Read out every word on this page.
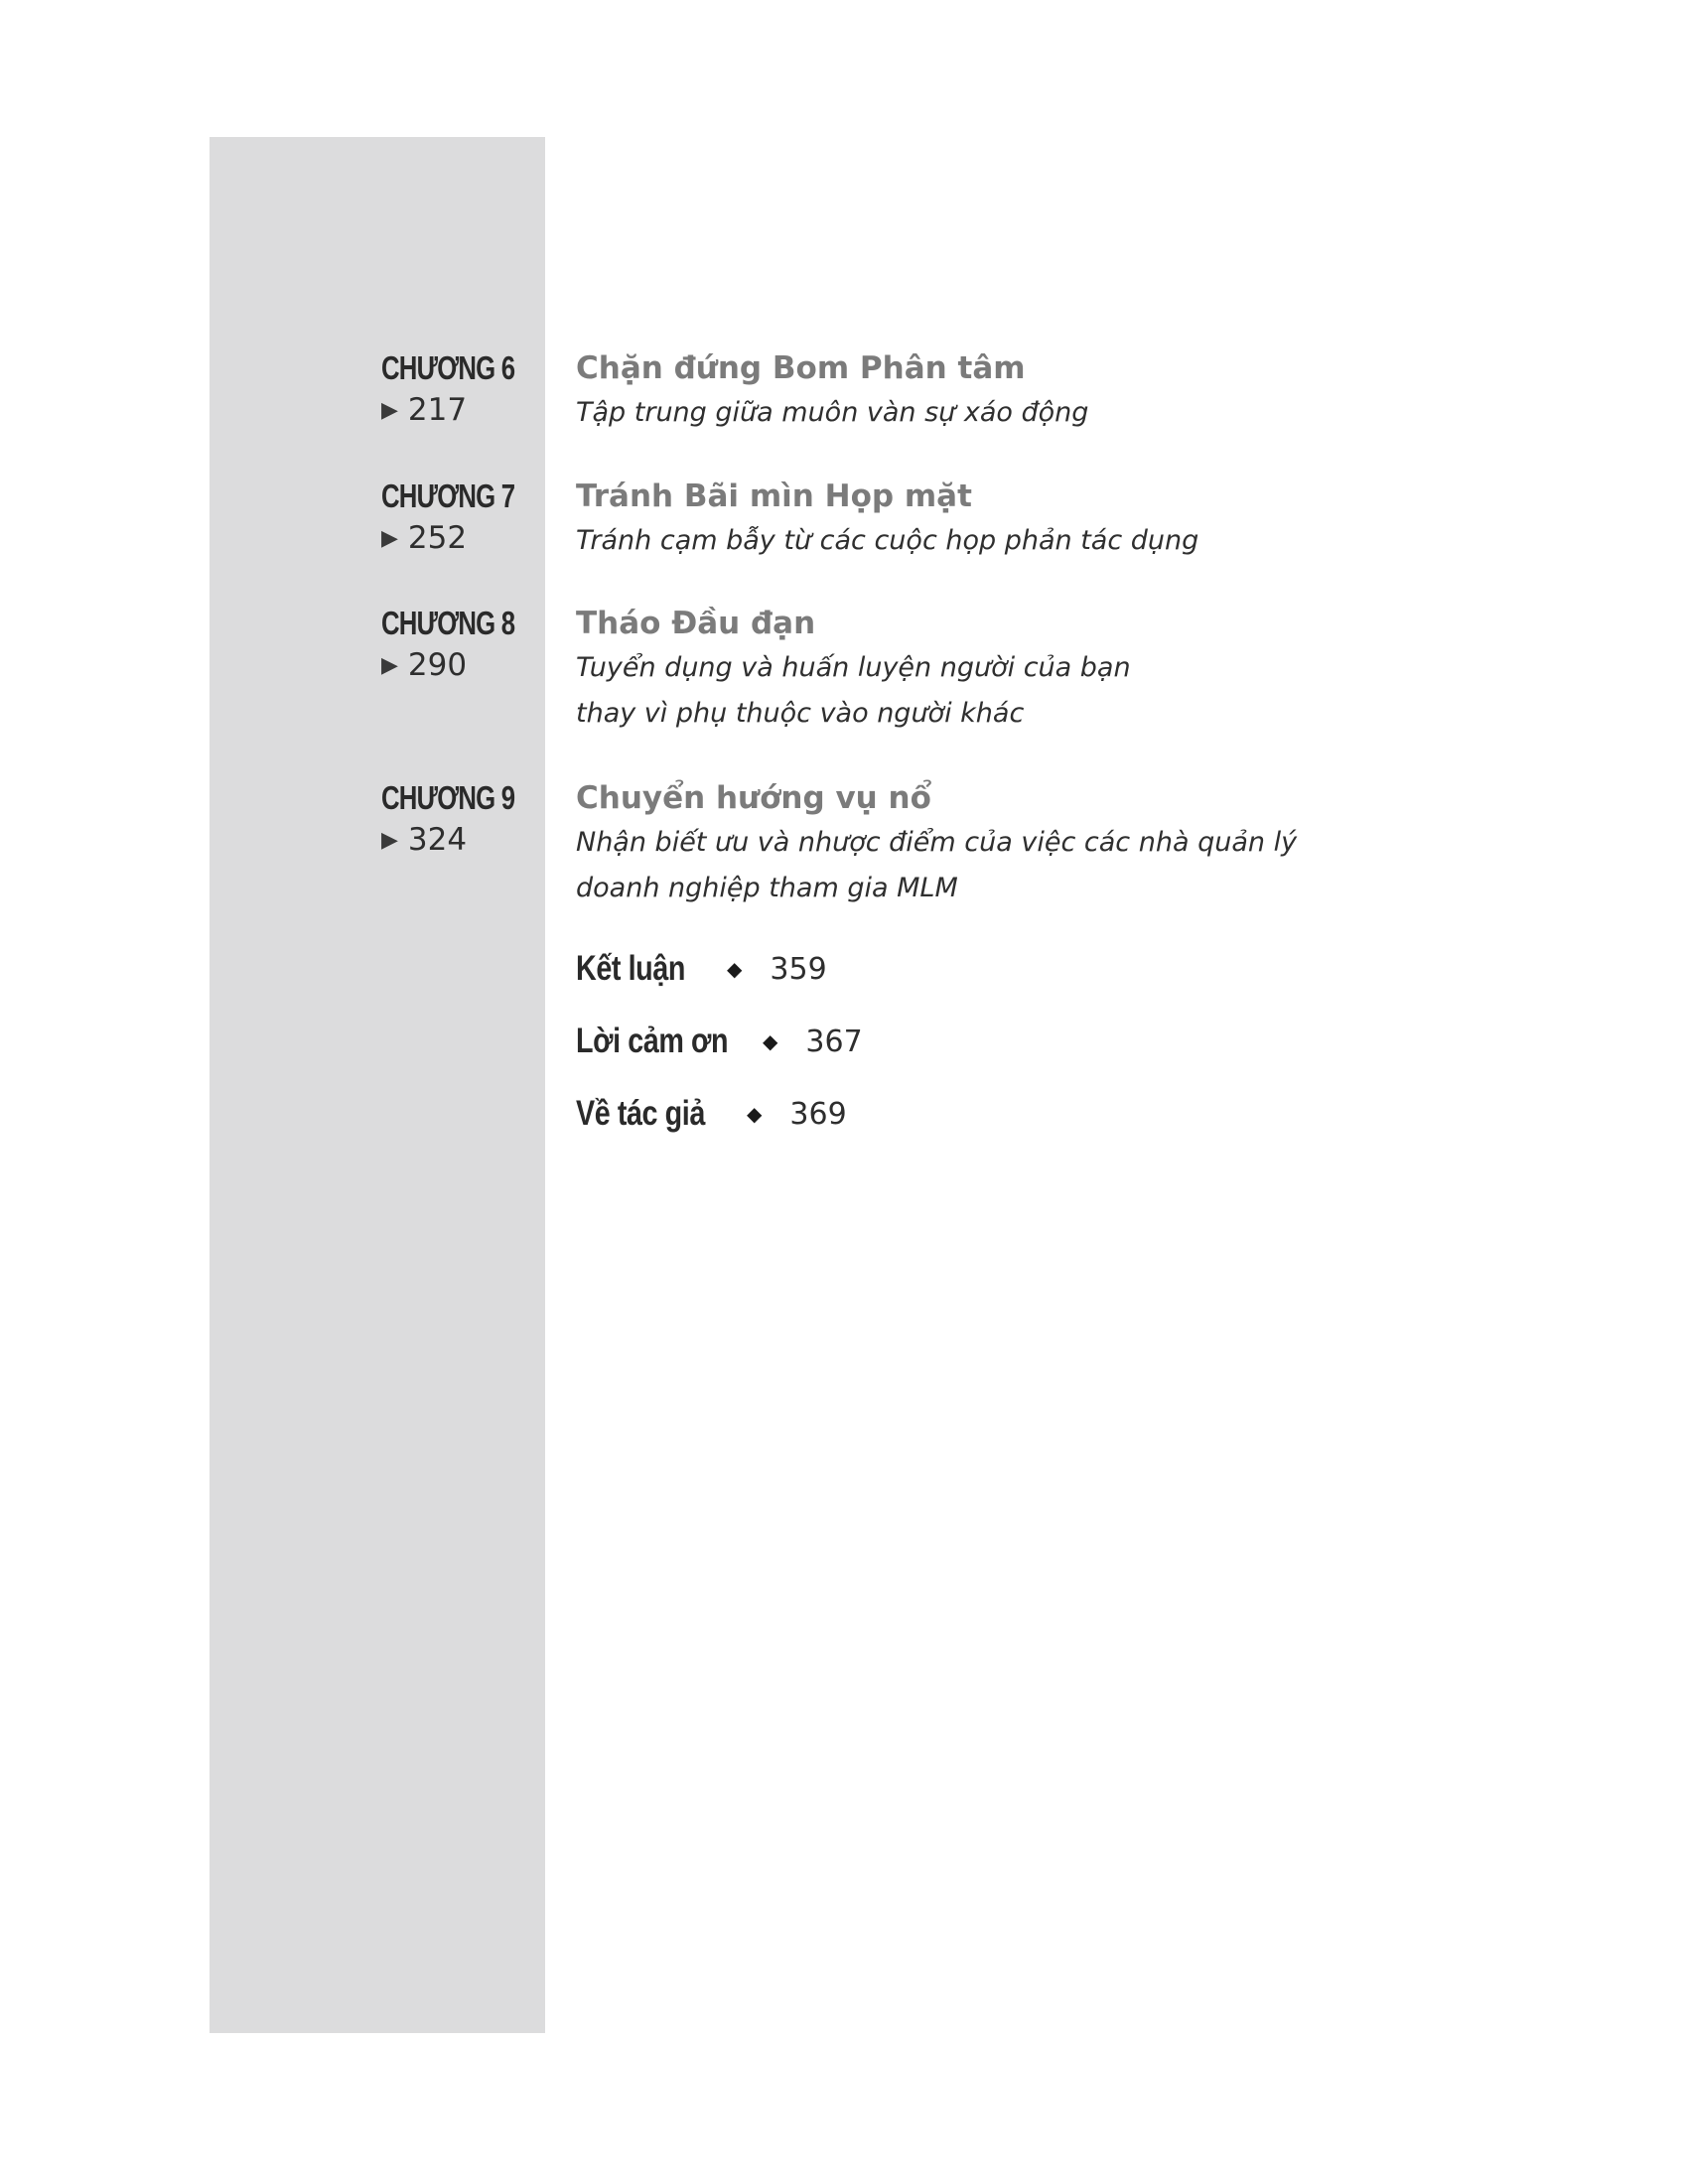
CHƯƠNG 6
▶ 217
Chặn đứng Bom Phân tâm
Tập trung giữa muôn vàn sự xáo động
CHƯƠNG 7
▶ 252
Tránh Bãi mìn Họp mặt
Tránh cạm bẫy từ các cuộc họp phản tác dụng
CHƯƠNG 8
▶ 290
Tháo Đầu đạn
Tuyển dụng và huấn luyện người của bạn
thay vì phụ thuộc vào người khác
CHƯƠNG 9
▶ 324
Chuyển hướng vụ nổ
Nhận biết ưu và nhược điểm của việc các nhà quản lý
doanh nghiệp tham gia MLM
Kết luận	◆ 359
Lời cảm ơn ◆ 367
Về tác giả	◆ 369
